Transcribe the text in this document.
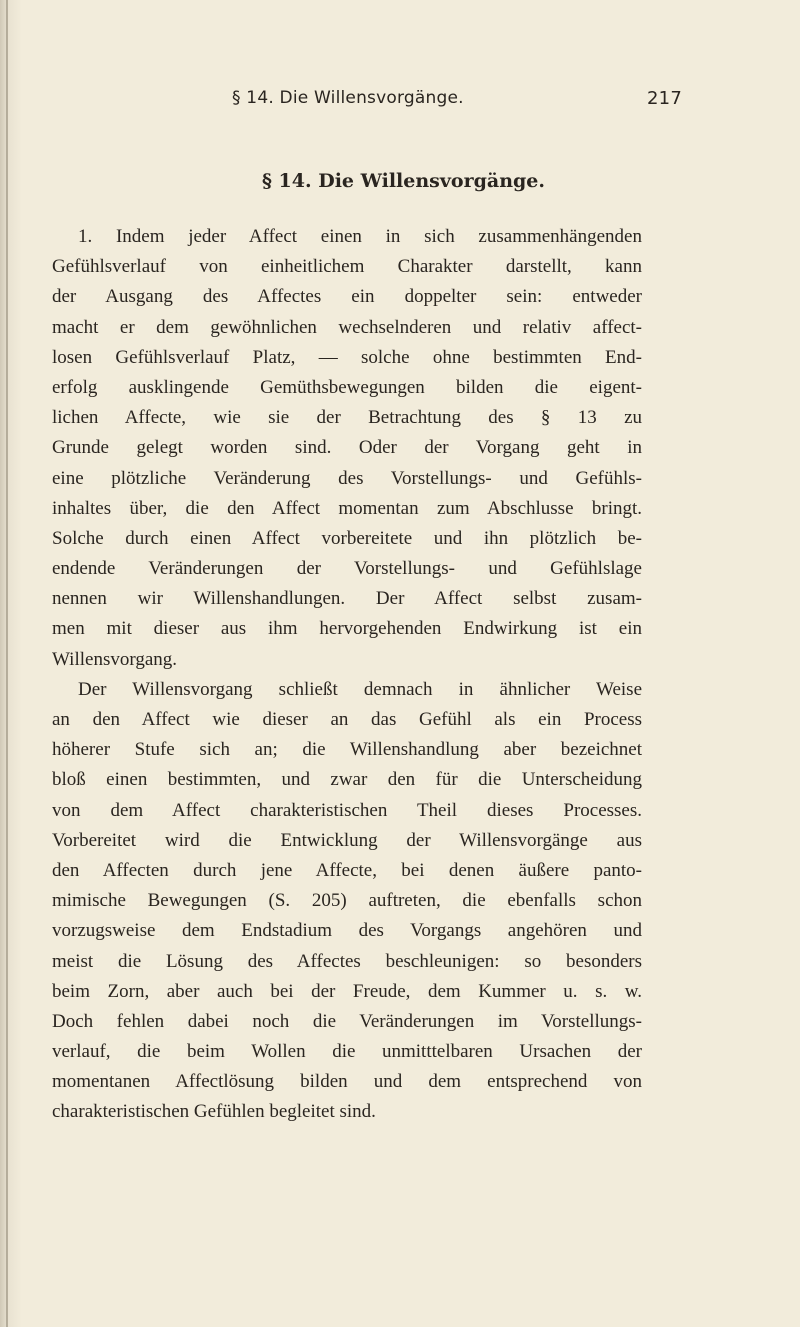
§ 14. Die Willensvorgänge.	217
§ 14. Die Willensvorgänge.
1. Indem jeder Affect einen in sich zusammenhängenden
Gefühlsverlauf von einheitlichem Charakter darstellt, kann
der Ausgang des Affectes ein doppelter sein: entweder
macht er dem gewöhnlichen wechselnderen und relativ affect-
losen Gefühlsverlauf Platz, — solche ohne bestimmten End-
erfolg ausklingende Gemüthsbewegungen bilden die eigent-
lichen Affecte, wie sie der Betrachtung des § 13 zu
Grunde gelegt worden sind. Oder der Vorgang geht in
eine plötzliche Veränderung des Vorstellungs- und Gefühls-
inhaltes über, die den Affect momentan zum Abschlusse bringt.
Solche durch einen Affect vorbereitete und ihn plötzlich be-
endende Veränderungen der Vorstellungs- und Gefühlslage
nennen wir Willenshandlungen. Der Affect selbst zusam-
men mit dieser aus ihm hervorgehenden Endwirkung ist ein
Willensvorgang.
Der Willensvorgang schließt demnach in ähnlicher Weise
an den Affect wie dieser an das Gefühl als ein Process
höherer Stufe sich an; die Willenshandlung aber bezeichnet
bloß einen bestimmten, und zwar den für die Unterscheidung
von dem Affect charakteristischen Theil dieses Processes.
Vorbereitet wird die Entwicklung der Willensvorgänge aus
den Affecten durch jene Affecte, bei denen äußere panto-
mimische Bewegungen (S. 205) auftreten, die ebenfalls schon
vorzugsweise dem Endstadium des Vorgangs angehören und
meist die Lösung des Affectes beschleunigen: so besonders
beim Zorn, aber auch bei der Freude, dem Kummer u. s. w.
Doch fehlen dabei noch die Veränderungen im Vorstellungs-
verlauf, die beim Wollen die unmitttelbaren Ursachen der
momentanen Affectlösung bilden und dem entsprechend von
charakteristischen Gefühlen begleitet sind.
